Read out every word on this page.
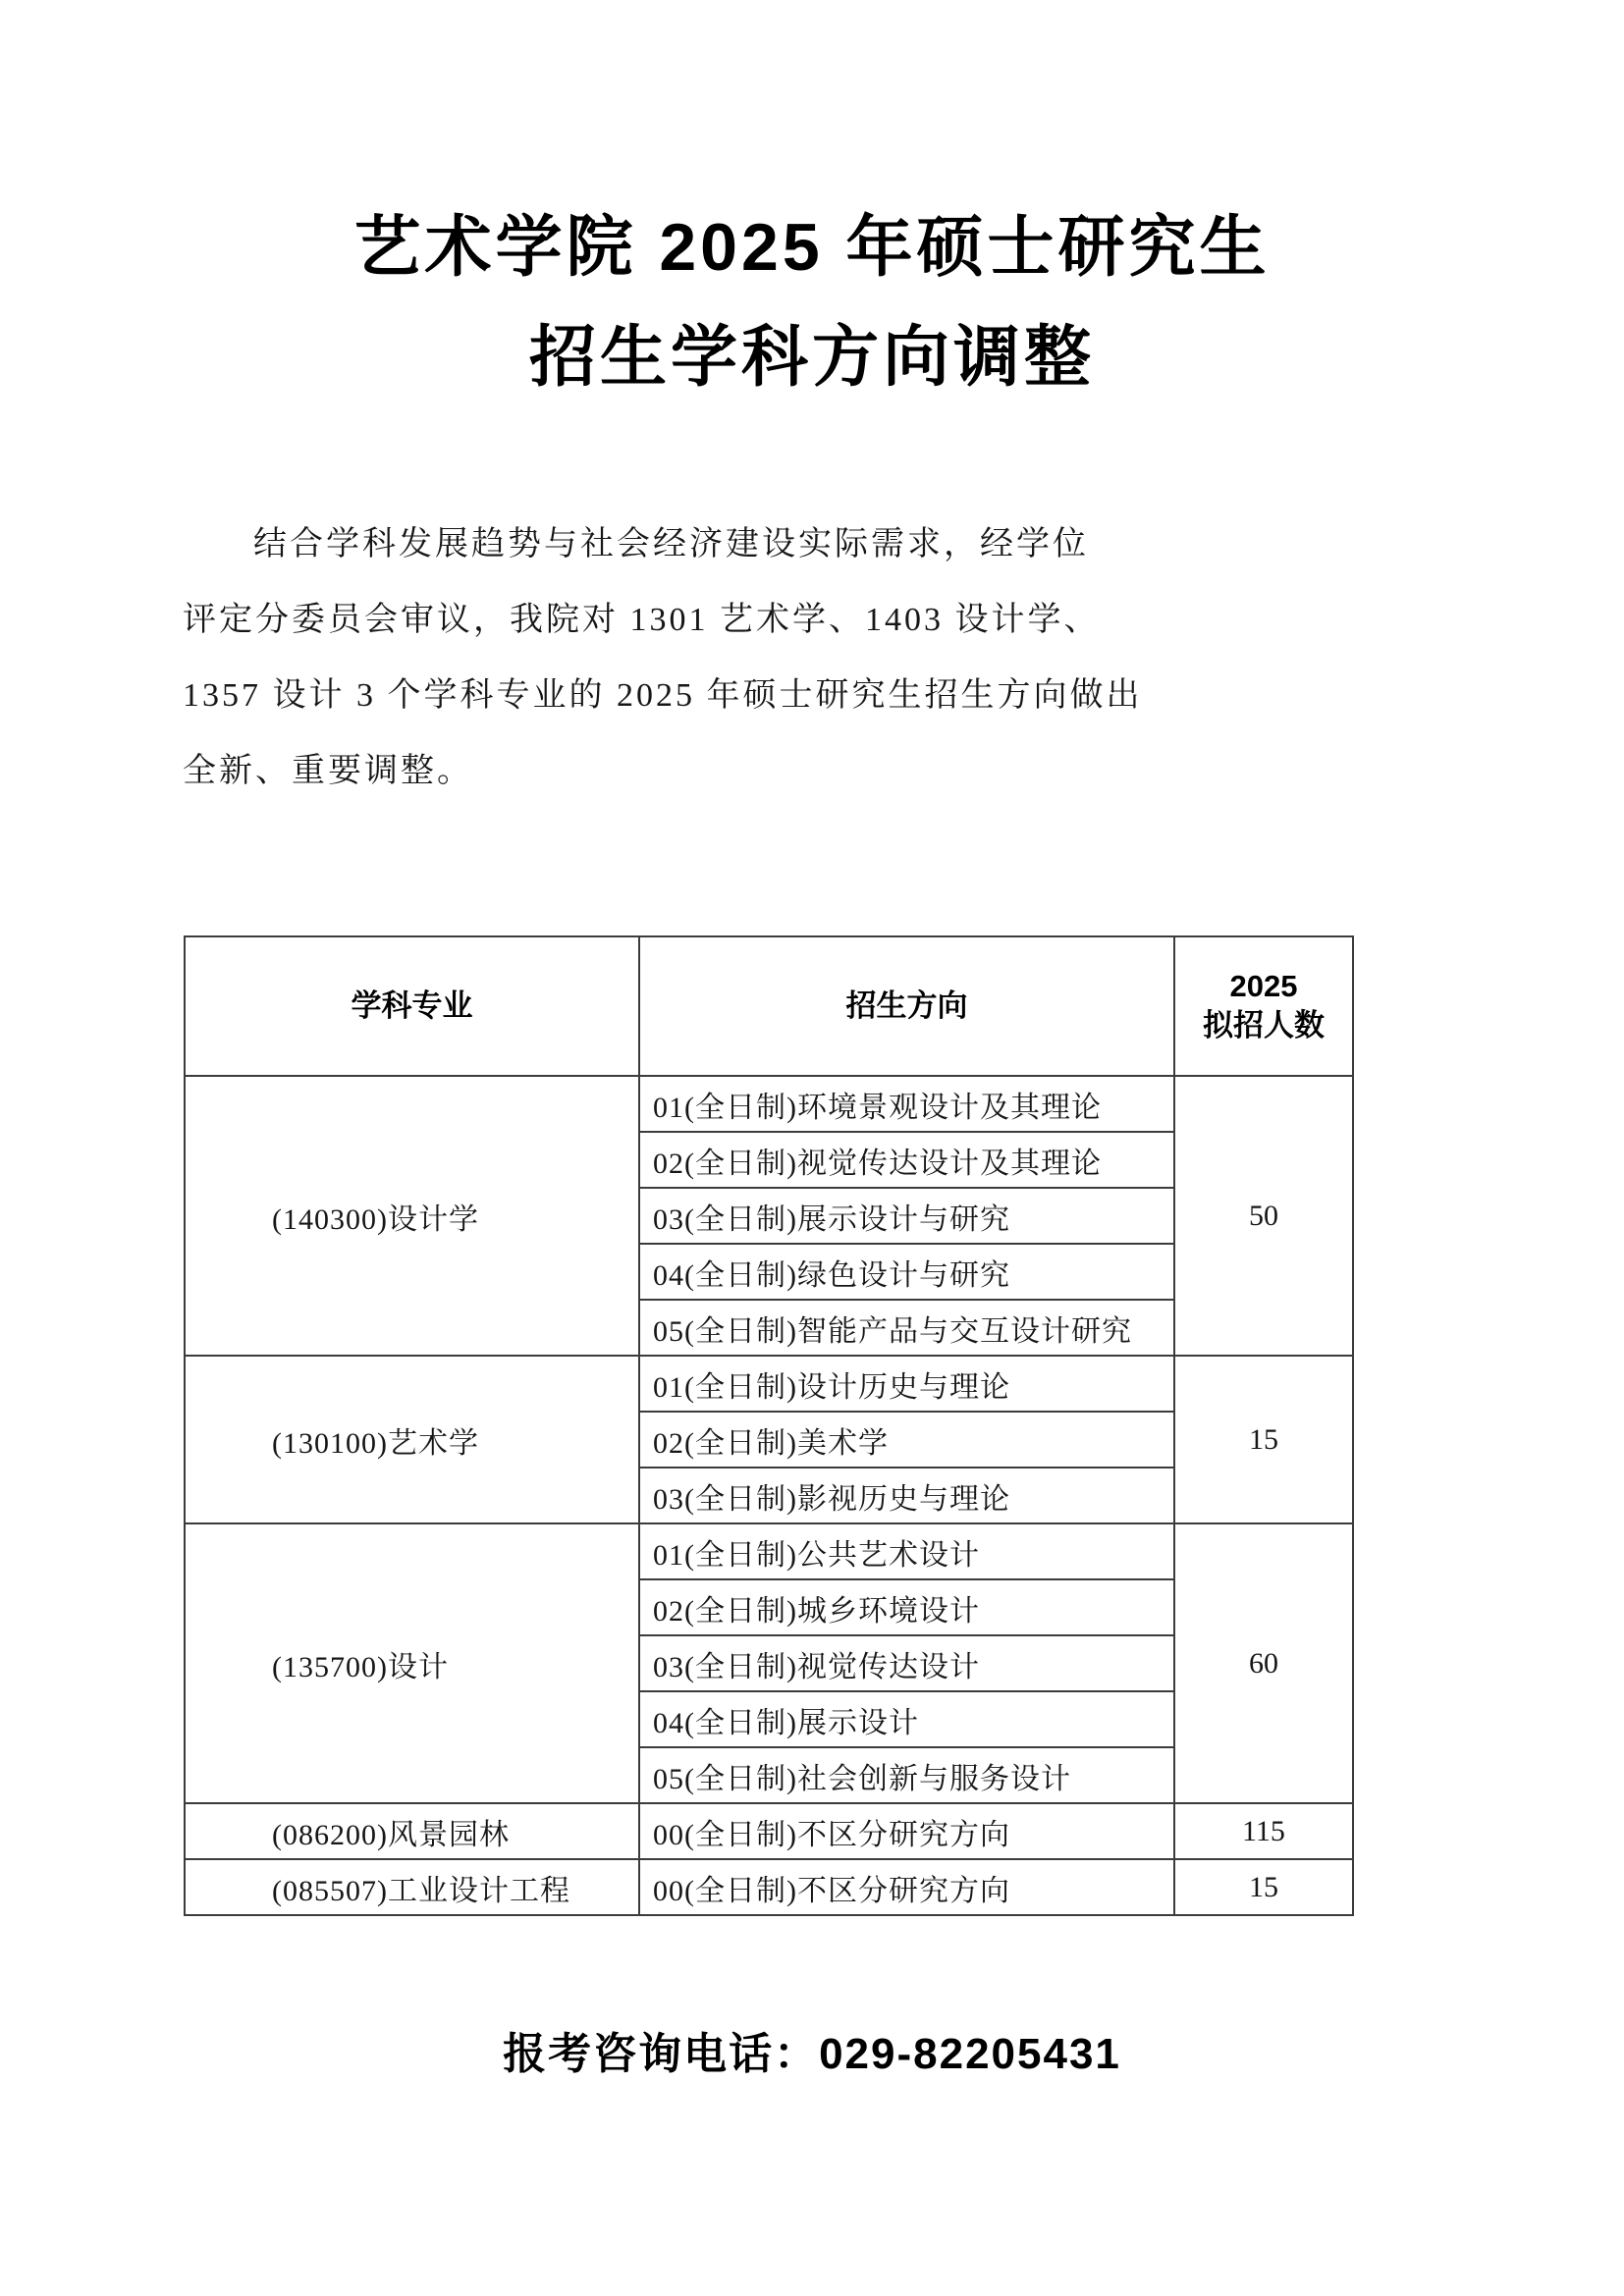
艺术学院 2025 年硕士研究生
招生学科方向调整
结合学科发展趋势与社会经济建设实际需求，经学位
评定分委员会审议，我院对 1301 艺术学、1403 设计学、
1357 设计 3 个学科专业的 2025 年硕士研究生招生方向做出
全新、重要调整。
学科专业	招生方向	2025
拟招人数

(140300)设计学	01(全日制)环境景观设计及其理论	50
	02(全日制)视觉传达设计及其理论	
	03(全日制)展示设计与研究	
	04(全日制)绿色设计与研究	
	05(全日制)智能产品与交互设计研究	
(130100)艺术学	01(全日制)设计历史与理论	15
	02(全日制)美术学	
	03(全日制)影视历史与理论	
(135700)设计	01(全日制)公共艺术设计	60
	02(全日制)城乡环境设计	
	03(全日制)视觉传达设计	
	04(全日制)展示设计	
	05(全日制)社会创新与服务设计	
(086200)风景园林	00(全日制)不区分研究方向	115
(085507)工业设计工程	00(全日制)不区分研究方向	15
报考咨询电话：029-82205431
